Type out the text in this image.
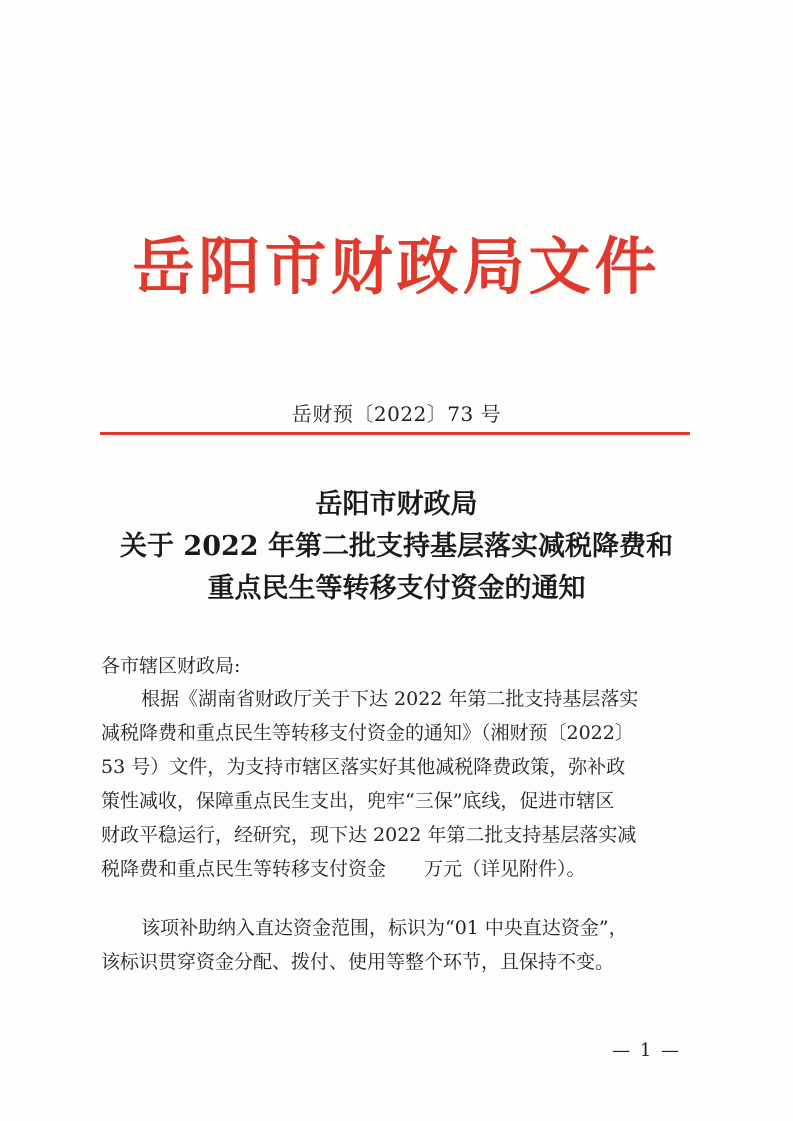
岳阳市财政局文件
岳财预〔2022〕73 号
岳阳市财政局
关于 2022 年第二批支持基层落实减税降费和
重点民生等转移支付资金的通知
各市辖区财政局:
根据《湖南省财政厅关于下达 2022 年第二批支持基层落实
减税降费和重点民生等转移支付资金的通知》（湘财预〔2022〕
53 号）文件，为支持市辖区落实好其他减税降费政策，弥补政
策性减收，保障重点民生支出，兜牢“三保”底线，促进市辖区
财政平稳运行，经研究，现下达 2022 年第二批支持基层落实减
税降费和重点民生等转移支付资金　　万元（详见附件）。
该项补助纳入直达资金范围，标识为“01 中央直达资金”，
该标识贯穿资金分配、拨付、使用等整个环节，且保持不变。
— 1 —
